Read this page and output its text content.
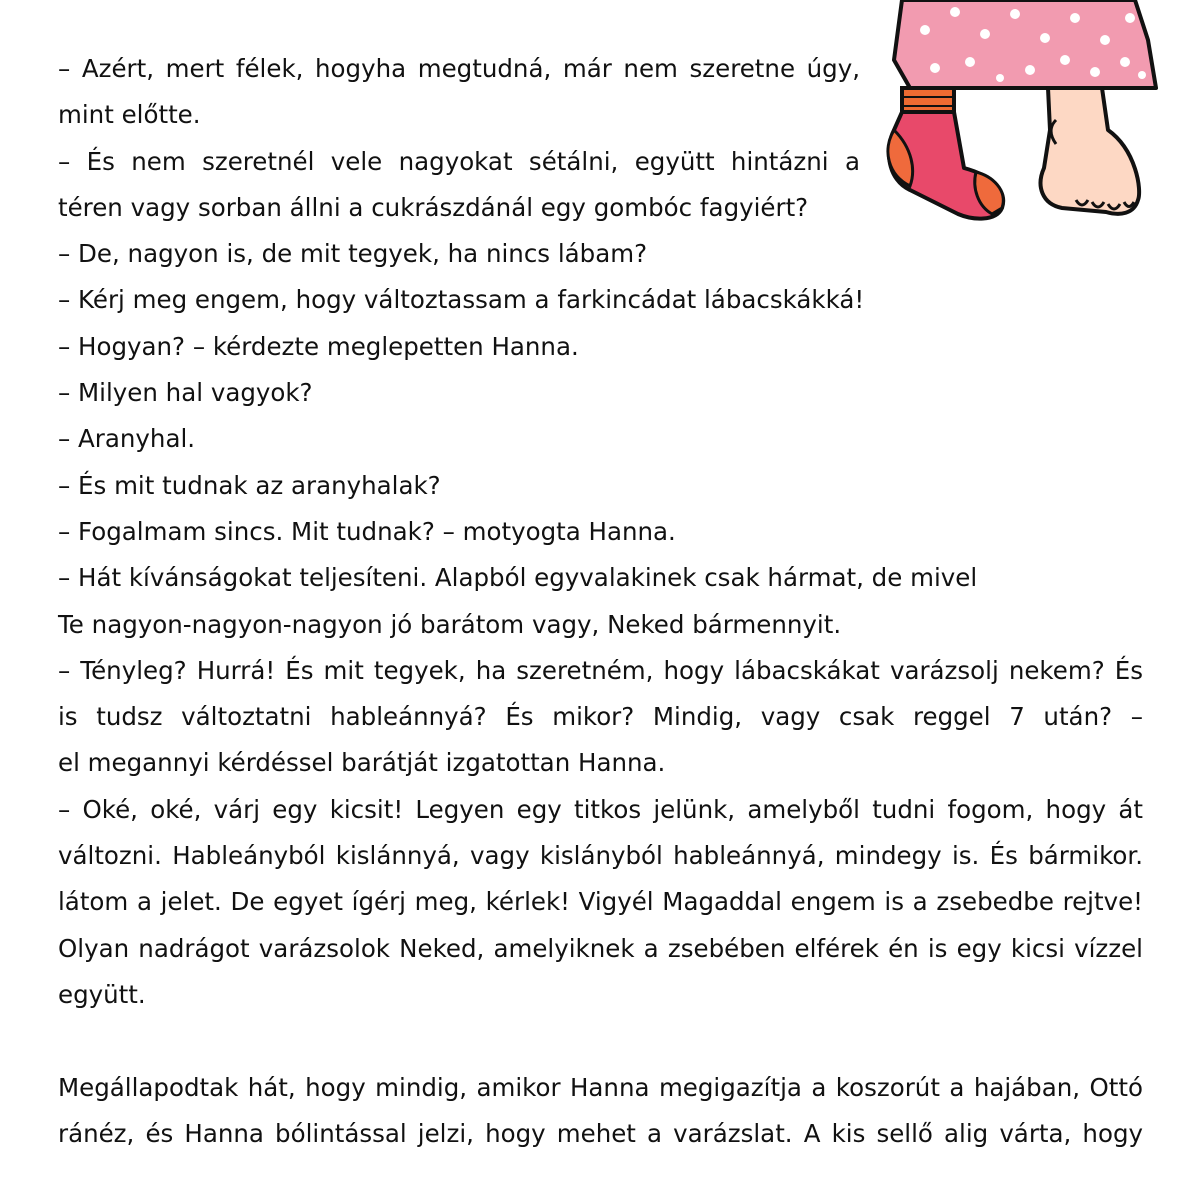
– Azért, mert félek, hogyha megtudná, már nem szeretne úgy,
mint előtte.
– És nem szeretnél vele nagyokat sétálni, együtt hintázni a
téren vagy sorban állni a cukrászdánál egy gombóc fagyiért?
– De, nagyon is, de mit tegyek, ha nincs lábam?
– Kérj meg engem, hogy változtassam a farkincádat lábacskákká!
– Hogyan? – kérdezte meglepetten Hanna.
– Milyen hal vagyok?
– Aranyhal.
– És mit tudnak az aranyhalak?
– Fogalmam sincs. Mit tudnak? – motyogta Hanna.
– Hát kívánságokat teljesíteni. Alapból egyvalakinek csak hármat, de mivel
Te nagyon-nagyon-nagyon jó barátom vagy, Neked bármennyit.
– Tényleg? Hurrá! És mit tegyek, ha szeretném, hogy lábacskákat varázsolj nekem? És
is tudsz változtatni hableánnyá? És mikor? Mindig, vagy csak reggel 7 után? –
el megannyi kérdéssel barátját izgatottan Hanna.
– Oké, oké, várj egy kicsit! Legyen egy titkos jelünk, amelyből tudni fogom, hogy át
változni. Hableányból kislánnyá, vagy kislányból hableánnyá, mindegy is. És bármikor.
látom a jelet. De egyet ígérj meg, kérlek! Vigyél Magaddal engem is a zsebedbe rejtve!
Olyan nadrágot varázsolok Neked, amelyiknek a zsebében elférek én is egy kicsi vízzel
együtt.
Megállapodtak hát, hogy mindig, amikor Hanna megigazítja a koszorút a hajában, Ottó
ránéz, és Hanna bólintással jelzi, hogy mehet a varázslat. A kis sellő alig várta, hogy
